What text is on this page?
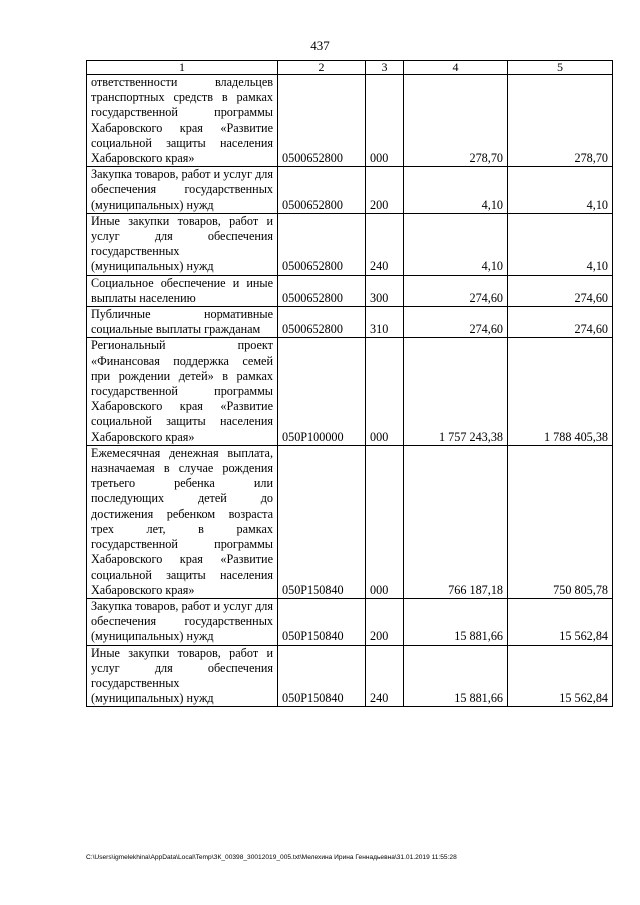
437
1	2	3	4	5
ответственности владельцев транспортных средств в рамках государственной программы Хабаровского края «Развитие социальной защиты населения Хабаровского края»	0500652800	000	278,70	278,70
Закупка товаров, работ и услуг для обеспечения государственных (муниципальных) нужд	0500652800	200	4,10	4,10
Иные закупки товаров, работ и услуг для обеспечения государственных (муниципальных) нужд	0500652800	240	4,10	4,10
Социальное обеспечение и иные выплаты населению	0500652800	300	274,60	274,60
Публичные нормативные социальные выплаты гражданам	0500652800	310	274,60	274,60
Региональный проект «Финансовая поддержка семей при рождении детей» в рамках государственной программы Хабаровского края «Развитие социальной защиты населения Хабаровского края»	050P100000	000	1 757 243,38	1 788 405,38
Ежемесячная денежная выплата, назначаемая в случае рождения третьего ребенка или последующих детей до достижения ребенком возраста трех лет, в рамках государственной программы Хабаровского края «Развитие социальной защиты населения Хабаровского края»	050P150840	000	766 187,18	750 805,78
Закупка товаров, работ и услуг для обеспечения государственных (муниципальных) нужд	050P150840	200	15 881,66	15 562,84
Иные закупки товаров, работ и услуг для обеспечения государственных (муниципальных) нужд	050P150840	240	15 881,66	15 562,84
C:\Users\igmelekhina\AppData\Local\Temp\ЗК_00398_30012019_005.txt\Мелехина Ирина Геннадьевна\31.01.2019 11:55:28
